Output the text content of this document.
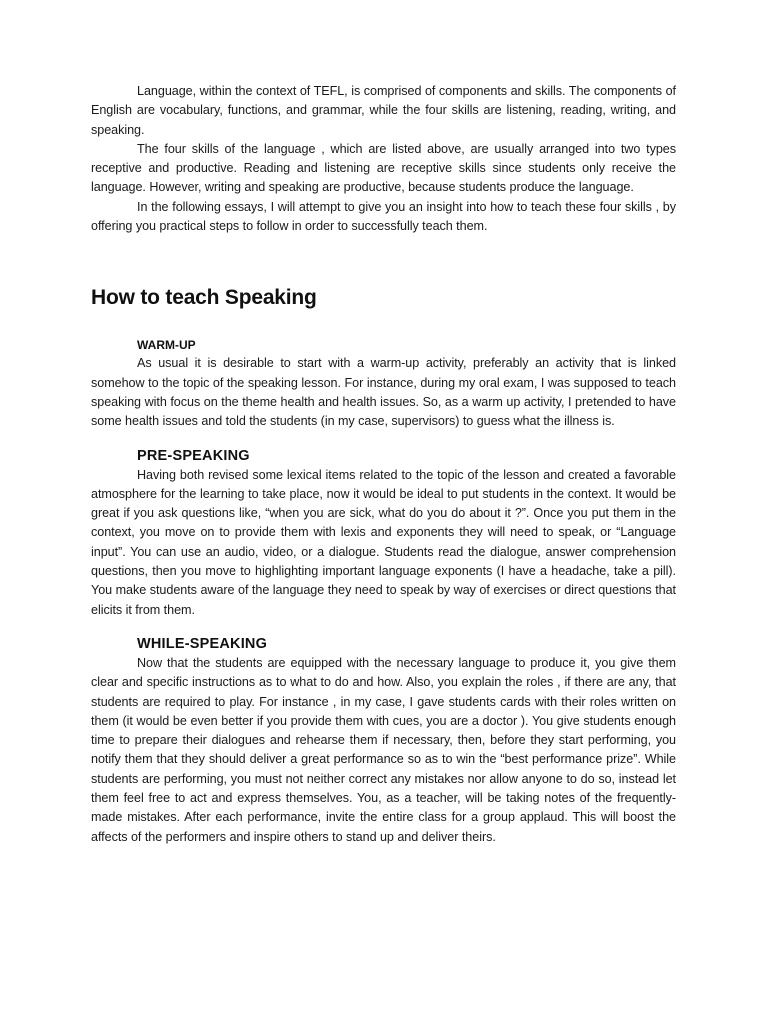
Language, within the context of TEFL, is comprised of components and skills. The components of English are vocabulary, functions, and grammar, while the four skills are listening, reading, writing, and speaking.

The four skills of the language , which are listed above, are usually arranged into two types receptive and productive. Reading and listening are receptive skills since students only receive the language. However, writing and speaking are productive, because students produce the language.

In the following essays, I will attempt to give you an insight into how to teach these four skills , by offering you practical steps to follow in order to successfully teach them.

How to teach Speaking
WARM-UP

As usual it is desirable to start with a warm-up activity, preferably an activity that is linked somehow to the topic of the speaking lesson. For instance, during my oral exam, I was supposed to teach speaking with focus on the theme health and health issues. So, as a warm up activity, I pretended to have some health issues and told the students (in my case, supervisors) to guess what the illness is.

PRE-SPEAKING

Having both revised some lexical items related to the topic of the lesson and created a favorable atmosphere for the learning to take place, now it would be ideal to put students in the context. It would be great if you ask questions like, “when you are sick, what do you do about it ?”. Once you put them in the context, you move on to provide them with lexis and exponents they will need to speak, or “Language input”. You can use an audio, video, or a dialogue. Students read the dialogue, answer comprehension questions, then you move to highlighting important language exponents (I have a headache, take a pill). You make students aware of the language they need to speak by way of exercises or direct questions that elicits it from them.

WHILE-SPEAKING

Now that the students are equipped with the necessary language to produce it, you give them clear and specific instructions as to what to do and how. Also, you explain the roles , if there are any, that students are required to play. For instance , in my case, I gave students cards with their roles written on them (it would be even better if you provide them with cues, you are a doctor ). You give students enough time to prepare their dialogues and rehearse them if necessary, then, before they start performing, you notify them that they should deliver a great performance so as to win the “best performance prize”. While students are performing, you must not neither correct any mistakes nor allow anyone to do so, instead let them feel free to act and express themselves. You, as a teacher, will be taking notes of the frequently-made mistakes. After each performance, invite the entire class for a group applaud. This will boost the affects of the performers and inspire others to stand up and deliver theirs.
